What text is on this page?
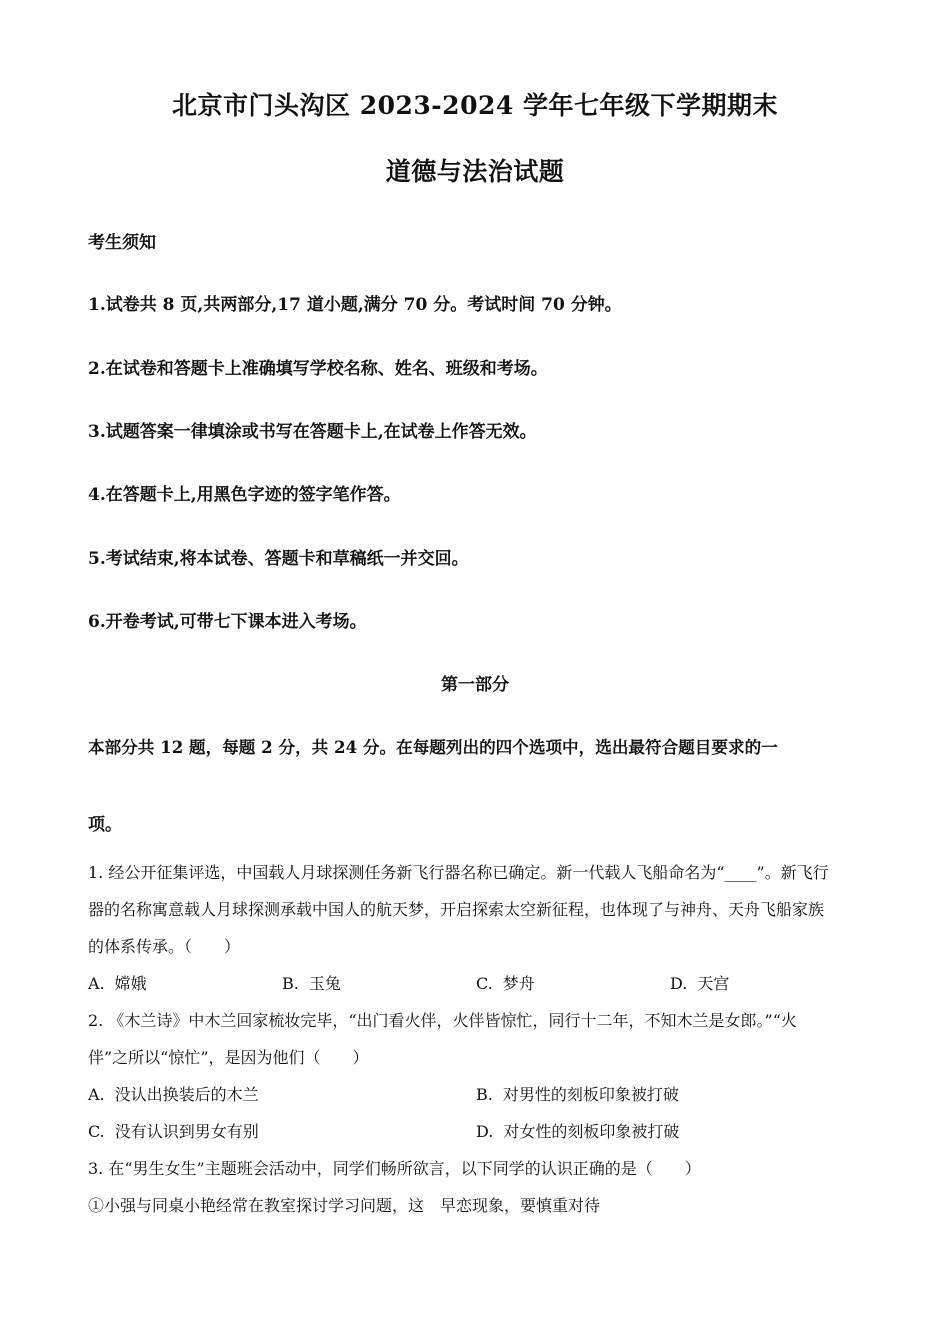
北京市门头沟区 2023-2024 学年七年级下学期期末
道德与法治试题
考生须知
1.试卷共 8 页,共两部分,17 道小题,满分 70 分。考试时间 70 分钟。
2.在试卷和答题卡上准确填写学校名称、姓名、班级和考场。
3.试题答案一律填涂或书写在答题卡上,在试卷上作答无效。
4.在答题卡上,用黑色字迹的签字笔作答。
5.考试结束,将本试卷、答题卡和草稿纸一并交回。
6.开卷考试,可带七下课本进入考场。
第一部分
本部分共 12 题，每题 2 分，共 24 分。在每题列出的四个选项中，选出最符合题目要求的一
项。
1. 经公开征集评选，中国载人月球探测任务新飞行器名称已确定。新一代载人飞船命名为“____”。新飞行
器的名称寓意载人月球探测承载中国人的航天梦，开启探索太空新征程，也体现了与神舟、天舟飞船家族
的体系传承。（　　）
A. 嫦娥	B. 玉兔	C. 梦舟	D. 天宫
2. 《木兰诗》中木兰回家梳妆完毕，“出门看火伴，火伴皆惊忙，同行十二年，不知木兰是女郎。”“火
伴”之所以“惊忙”，是因为他们（　　）
A. 没认出换装后的木兰	B. 对男性的刻板印象被打破
C. 没有认识到男女有别	D. 对女性的刻板印象被打破
3. 在“男生女生”主题班会活动中，同学们畅所欲言，以下同学的认识正确的是（　　）
①小强与同桌小艳经常在教室探讨学习问题，这　早恋现象，要慎重对待
